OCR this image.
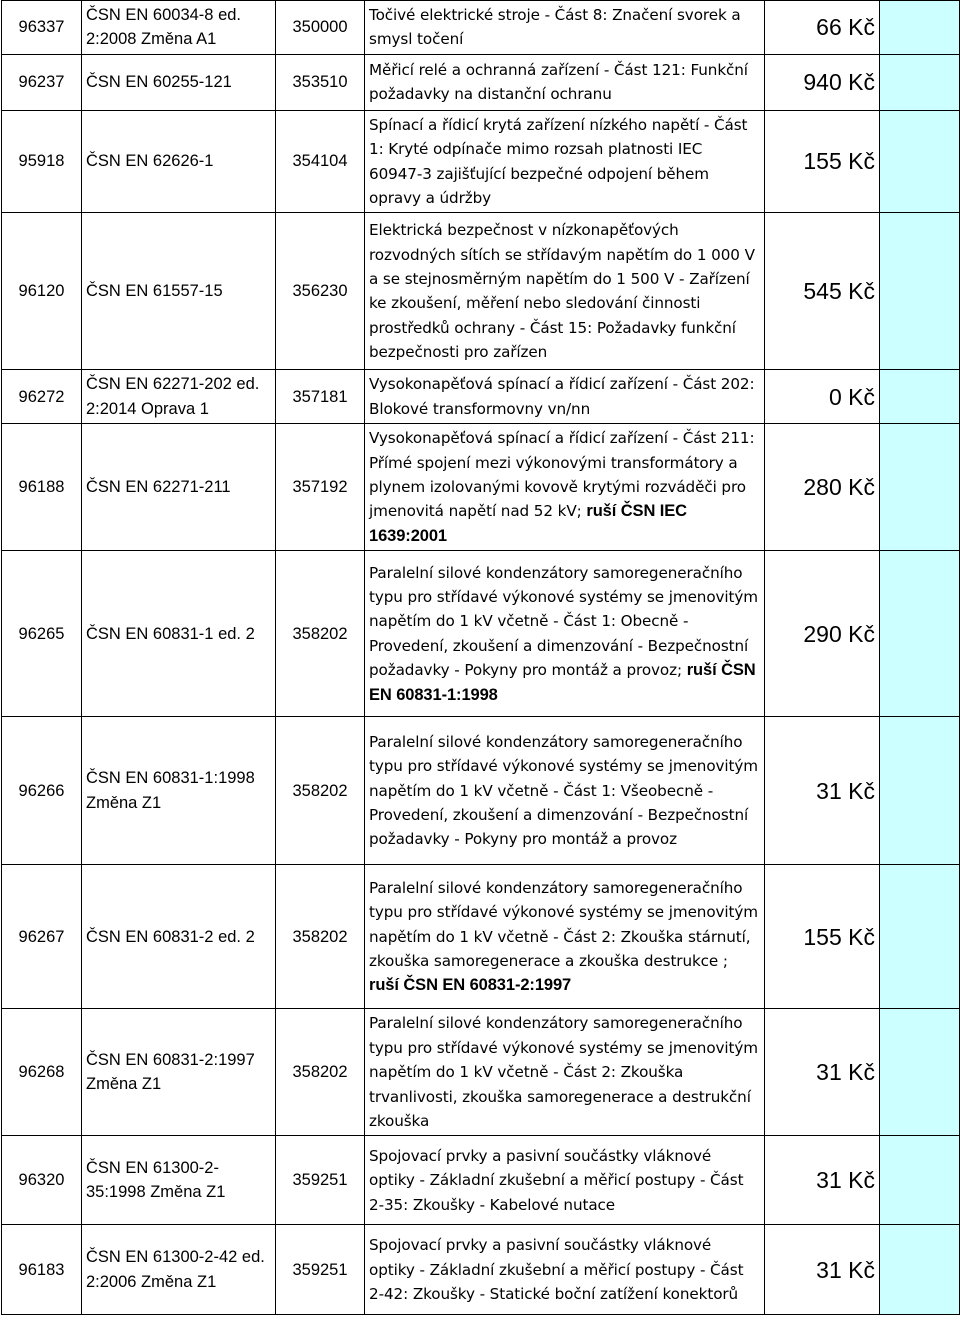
96337	ČSN EN 60034-8 ed. 2:2008 Změna A1	350000	Točivé elektrické stroje - Část 8: Značení svorek a smysl točení	66 Kč	
96237	ČSN EN 60255-121	353510	Měřicí relé a ochranná zařízení - Část 121: Funkční požadavky na distanční ochranu	940 Kč	
95918	ČSN EN 62626-1	354104	Spínací a řídicí krytá zařízení nízkého napětí - Část 1: Kryté odpínače mimo rozsah platnosti IEC 60947-3 zajišťující bezpečné odpojení během opravy a údržby	155 Kč	
96120	ČSN EN 61557-15	356230	Elektrická bezpečnost v nízkonapěťových rozvodných sítích se střídavým napětím do 1 000 V a se stejnosměrným napětím do 1 500 V - Zařízení ke zkoušení, měření nebo sledování činnosti prostředků ochrany - Část 15: Požadavky funkční bezpečnosti pro zařízen	545 Kč	
96272	ČSN EN 62271-202 ed. 2:2014 Oprava 1	357181	Vysokonapěťová spínací a řídicí zařízení - Část 202: Blokové transformovny vn/nn	0 Kč	
96188	ČSN EN 62271-211	357192	Vysokonapěťová spínací a řídicí zařízení - Část 211: Přímé spojení mezi výkonovými transformátory a plynem izolovanými kovově krytými rozváděči pro jmenovitá napětí nad 52 kV; ruší ČSN IEC 1639:2001	280 Kč	
96265	ČSN EN 60831-1 ed. 2	358202	Paralelní silové kondenzátory samoregeneračního typu pro střídavé výkonové systémy se jmenovitým napětím do 1 kV včetně - Část 1: Obecně - Provedení, zkoušení a dimenzování - Bezpečnostní požadavky - Pokyny pro montáž a provoz; ruší ČSN EN 60831-1:1998	290 Kč	
96266	ČSN EN 60831-1:1998 Změna Z1	358202	Paralelní silové kondenzátory samoregeneračního typu pro střídavé výkonové systémy se jmenovitým napětím do 1 kV včetně - Část 1: Všeobecně - Provedení, zkoušení a dimenzování - Bezpečnostní požadavky - Pokyny pro montáž a provoz	31 Kč	
96267	ČSN EN 60831-2 ed. 2	358202	Paralelní silové kondenzátory samoregeneračního typu pro střídavé výkonové systémy se jmenovitým napětím do 1 kV včetně - Část 2: Zkouška stárnutí, zkouška samoregenerace a zkouška destrukce ; ruší ČSN EN 60831-2:1997	155 Kč	
96268	ČSN EN 60831-2:1997 Změna Z1	358202	Paralelní silové kondenzátory samoregeneračního typu pro střídavé výkonové systémy se jmenovitým napětím do 1 kV včetně - Část 2: Zkouška trvanlivosti, zkouška samoregenerace a destrukční zkouška	31 Kč	
96320	ČSN EN 61300-2-35:1998 Změna Z1	359251	Spojovací prvky a pasivní součástky vláknové optiky - Základní zkušební a měřicí postupy - Část 2-35: Zkoušky - Kabelové nutace	31 Kč	
96183	ČSN EN 61300-2-42 ed. 2:2006 Změna Z1	359251	Spojovací prvky a pasivní součástky vláknové optiky - Základní zkušební a měřicí postupy - Část 2-42: Zkoušky - Statické boční zatížení konektorů	31 Kč	
